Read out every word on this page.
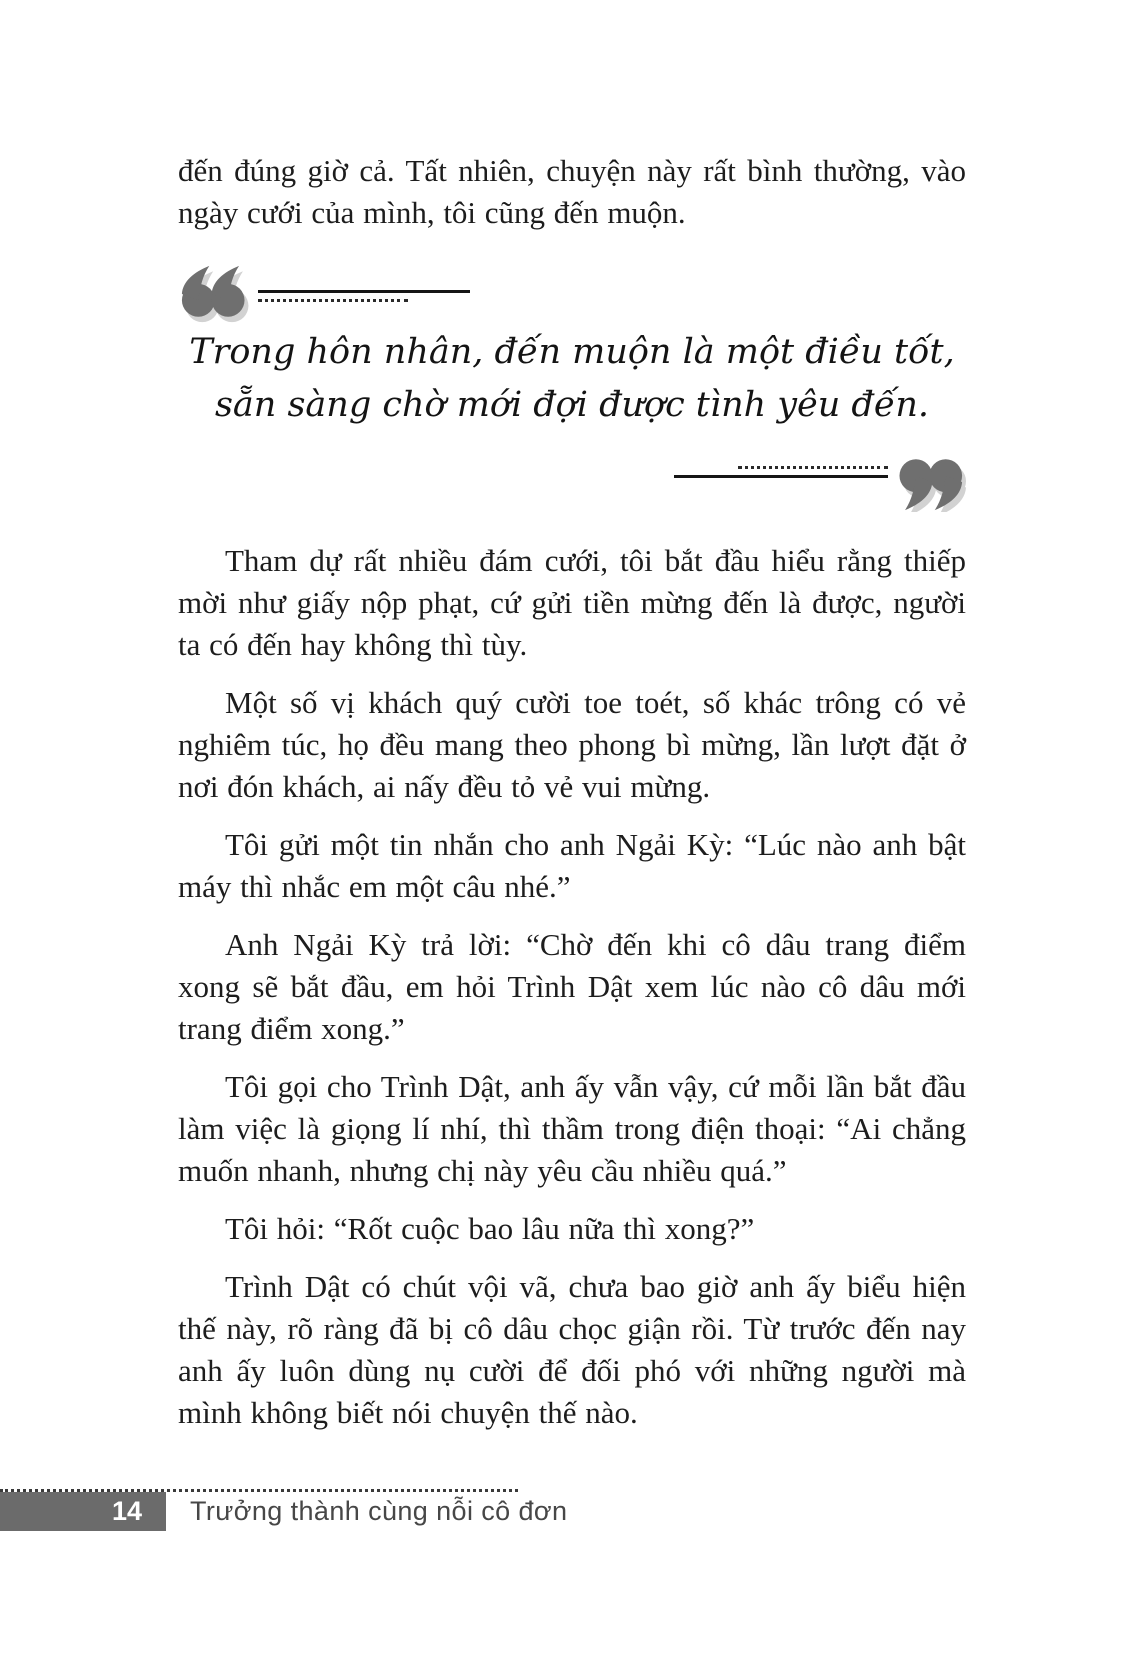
đến đúng giờ cả. Tất nhiên, chuyện này rất bình thường, vào ngày cưới của mình, tôi cũng đến muộn.

Trong hôn nhân, đến muộn là một điều tốt,
sẵn sàng chờ mới đợi được tình yêu đến.

Tham dự rất nhiều đám cưới, tôi bắt đầu hiểu rằng thiếp mời như giấy nộp phạt, cứ gửi tiền mừng đến là được, người ta có đến hay không thì tùy.

Một số vị khách quý cười toe toét, số khác trông có vẻ nghiêm túc, họ đều mang theo phong bì mừng, lần lượt đặt ở nơi đón khách, ai nấy đều tỏ vẻ vui mừng.

Tôi gửi một tin nhắn cho anh Ngải Kỳ: “Lúc nào anh bật máy thì nhắc em một câu nhé.”

Anh Ngải Kỳ trả lời: “Chờ đến khi cô dâu trang điểm xong sẽ bắt đầu, em hỏi Trình Dật xem lúc nào cô dâu mới trang điểm xong.”

Tôi gọi cho Trình Dật, anh ấy vẫn vậy, cứ mỗi lần bắt đầu làm việc là giọng lí nhí, thì thầm trong điện thoại: “Ai chẳng muốn nhanh, nhưng chị này yêu cầu nhiều quá.”

Tôi hỏi: “Rốt cuộc bao lâu nữa thì xong?”

Trình Dật có chút vội vã, chưa bao giờ anh ấy biểu hiện thế này, rõ ràng đã bị cô dâu chọc giận rồi. Từ trước đến nay anh ấy luôn dùng nụ cười để đối phó với những người mà mình không biết nói chuyện thế nào.

14 Trưởng thành cùng nỗi cô đơn
